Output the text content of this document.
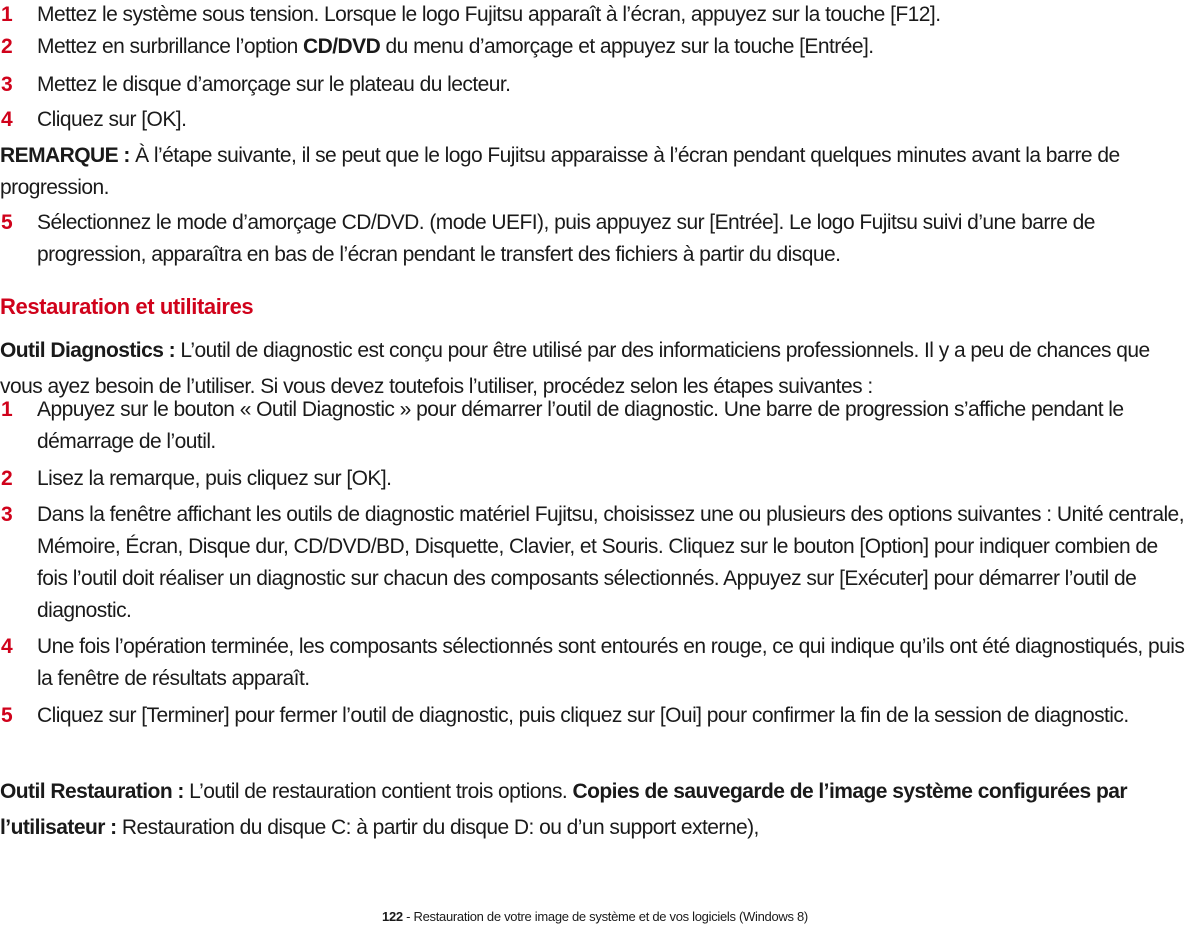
1 Mettez le système sous tension. Lorsque le logo Fujitsu apparaît à l’écran, appuyez sur la touche [F12].
2 Mettez en surbrillance l’option CD/DVD du menu d’amorçage et appuyez sur la touche [Entrée].
3 Mettez le disque d’amorçage sur le plateau du lecteur.
4 Cliquez sur [OK].
REMARQUE : À l’étape suivante, il se peut que le logo Fujitsu apparaisse à l’écran pendant quelques minutes avant la barre de progression.
5 Sélectionnez le mode d’amorçage CD/DVD. (mode UEFI), puis appuyez sur [Entrée]. Le logo Fujitsu suivi d’une barre de progression, apparaîtra en bas de l’écran pendant le transfert des fichiers à partir du disque.
Restauration et utilitaires
Outil Diagnostics : L’outil de diagnostic est conçu pour être utilisé par des informaticiens professionnels. Il y a peu de chances que vous ayez besoin de l’utiliser. Si vous devez toutefois l’utiliser, procédez selon les étapes suivantes :
1 Appuyez sur le bouton « Outil Diagnostic » pour démarrer l’outil de diagnostic. Une barre de progression s’affiche pendant le démarrage de l’outil.
2 Lisez la remarque, puis cliquez sur [OK].
3 Dans la fenêtre affichant les outils de diagnostic matériel Fujitsu, choisissez une ou plusieurs des options suivantes : Unité centrale, Mémoire, Écran, Disque dur, CD/DVD/BD, Disquette, Clavier, et Souris. Cliquez sur le bouton [Option] pour indiquer combien de fois l’outil doit réaliser un diagnostic sur chacun des composants sélectionnés. Appuyez sur [Exécuter] pour démarrer l’outil de diagnostic.
4 Une fois l’opération terminée, les composants sélectionnés sont entourés en rouge, ce qui indique qu’ils ont été diagnostiqués, puis la fenêtre de résultats apparaît.
5 Cliquez sur [Terminer] pour fermer l’outil de diagnostic, puis cliquez sur [Oui] pour confirmer la fin de la session de diagnostic.
Outil Restauration : L’outil de restauration contient trois options. Copies de sauvegarde de l’image système configurées par l’utilisateur : Restauration du disque C: à partir du disque D: ou d’un support externe),
122 - Restauration de votre image de système et de vos logiciels (Windows 8)
